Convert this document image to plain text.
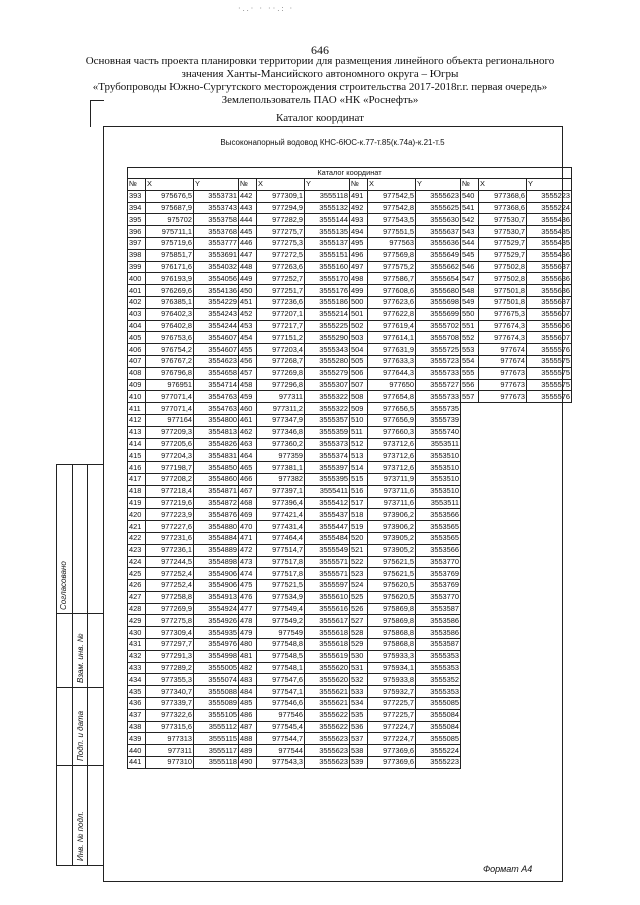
·..· · ··.: ·
646
Основная часть проекта планировки территории для размещения линейного объекта регионального
значения Ханты-Мансийского автономного округа – Югры
«Трубопроводы Южно-Сургутского месторождения строительства 2017-2018г.г. первая очередь»
Землепользователь ПАО «НК «Роснефть»
Каталог координат
Высоконапорный водовод КНС-6ЮС-к.77-т.85(к.74а)-к.21-т.5
Каталог координат											
№	X	Y	№	X	Y	№	X	Y	№	X	Y
393	975676,5	3553731	442	977309,1	3555118	491	977542,5	3555623	540	977368,6	3555223
394	975687,9	3553743	443	977294,9	3555132	492	977542,8	3555625	541	977368,6	3555224
395	975702	3553758	444	977282,9	3555144	493	977543,5	3555630	542	977530,7	3555436
396	975711,1	3553768	445	977275,7	3555135	494	977551,5	3555637	543	977530,7	3555435
397	975719,6	3553777	446	977275,3	3555137	495	977563	3555636	544	977529,7	3555435
398	975851,7	3553691	447	977272,5	3555151	496	977569,8	3555649	545	977529,7	3555436
399	976171,6	3554032	448	977263,6	3555160	497	977575,2	3555662	546	977502,8	3555637
400	976193,9	3554056	449	977252,7	3555170	498	977586,7	3555654	547	977502,8	3555636
401	976269,6	3554136	450	977251,7	3555176	499	977608,6	3555680	548	977501,8	3555636
402	976385,1	3554229	451	977236,6	3555186	500	977623,6	3555698	549	977501,8	3555637
403	976402,3	3554243	452	977207,1	3555214	501	977622,8	3555699	550	977675,3	3555607
404	976402,8	3554244	453	977217,7	3555225	502	977619,4	3555702	551	977674,3	3555606
405	976753,6	3554607	454	977151,2	3555290	503	977614,1	3555708	552	977674,3	3555607
406	976754,2	3554607	455	977203,4	3555343	504	977631,9	3555725	553	977674	3555576
407	976767,2	3554623	456	977268,7	3555280	505	977633,3	3555723	554	977674	3555575
408	976796,8	3554658	457	977269,8	3555279	506	977644,3	3555733	555	977673	3555575
409	976951	3554714	458	977296,8	3555307	507	977650	3555727	556	977673	3555575
410	977071,4	3554763	459	977311	3555322	508	977654,8	3555733	557	977673	3555576
411	977071,4	3554763	460	977311,2	3555322	509	977656,5	3555735			
412	977164	3554800	461	977347,9	3555357	510	977656,9	3555739			
413	977209,3	3554813	462	977346,8	3555359	511	977660,3	3555740			
414	977205,6	3554826	463	977360,2	3555373	512	973712,6	3553511			
415	977204,3	3554831	464	977359	3555374	513	973712,6	3553510			
416	977198,7	3554850	465	977381,1	3555397	514	973712,6	3553510			
417	977208,2	3554860	466	977382	3555395	515	973711,9	3553510			
418	977218,4	3554871	467	977397,1	3555411	516	973711,6	3553510			
419	977219,6	3554872	468	977396,4	3555412	517	973711,6	3553511			
420	977223,9	3554876	469	977421,4	3555437	518	973906,2	3553566			
421	977227,6	3554880	470	977431,4	3555447	519	973906,2	3553565			
422	977231,6	3554884	471	977464,4	3555484	520	973905,2	3553565			
423	977236,1	3554889	472	977514,7	3555549	521	973905,2	3553566			
424	977244,5	3554898	473	977517,8	3555571	522	975621,5	3553770			
425	977252,4	3554906	474	977517,8	3555571	523	975621,5	3553769			
426	977252,4	3554906	475	977521,5	3555597	524	975620,5	3553769			
427	977258,8	3554913	476	977534,9	3555610	525	975620,5	3553770			
428	977269,9	3554924	477	977549,4	3555616	526	975869,8	3553587			
429	977275,8	3554926	478	977549,2	3555617	527	975869,8	3553586			
430	977309,4	3554935	479	977549	3555618	528	975868,8	3553586			
431	977297,7	3554976	480	977548,8	3555618	529	975868,8	3553587			
432	977291,3	3554998	481	977548,5	3555619	530	975933,3	3555353			
433	977289,2	3555005	482	977548,1	3555620	531	975934,1	3555353			
434	977355,3	3555074	483	977547,6	3555620	532	975933,8	3555352			
435	977340,7	3555088	484	977547,1	3555621	533	975932,7	3555353			
436	977339,7	3555089	485	977546,6	3555621	534	977225,7	3555085			
437	977322,6	3555105	486	977546	3555622	535	977225,7	3555084			
438	977315,6	3555112	487	977545,4	3555622	536	977224,7	3555084			
439	977313	3555115	488	977544,7	3555623	537	977224,7	3555085			
440	977311	3555117	489	977544	3555623	538	977369,6	3555224			
441	977310	3555118	490	977543,3	3555623	539	977369,6	3555223			
Согласовано
Взам. инв. №
Подп. и дата
Инв. № подл.
Формат А4
